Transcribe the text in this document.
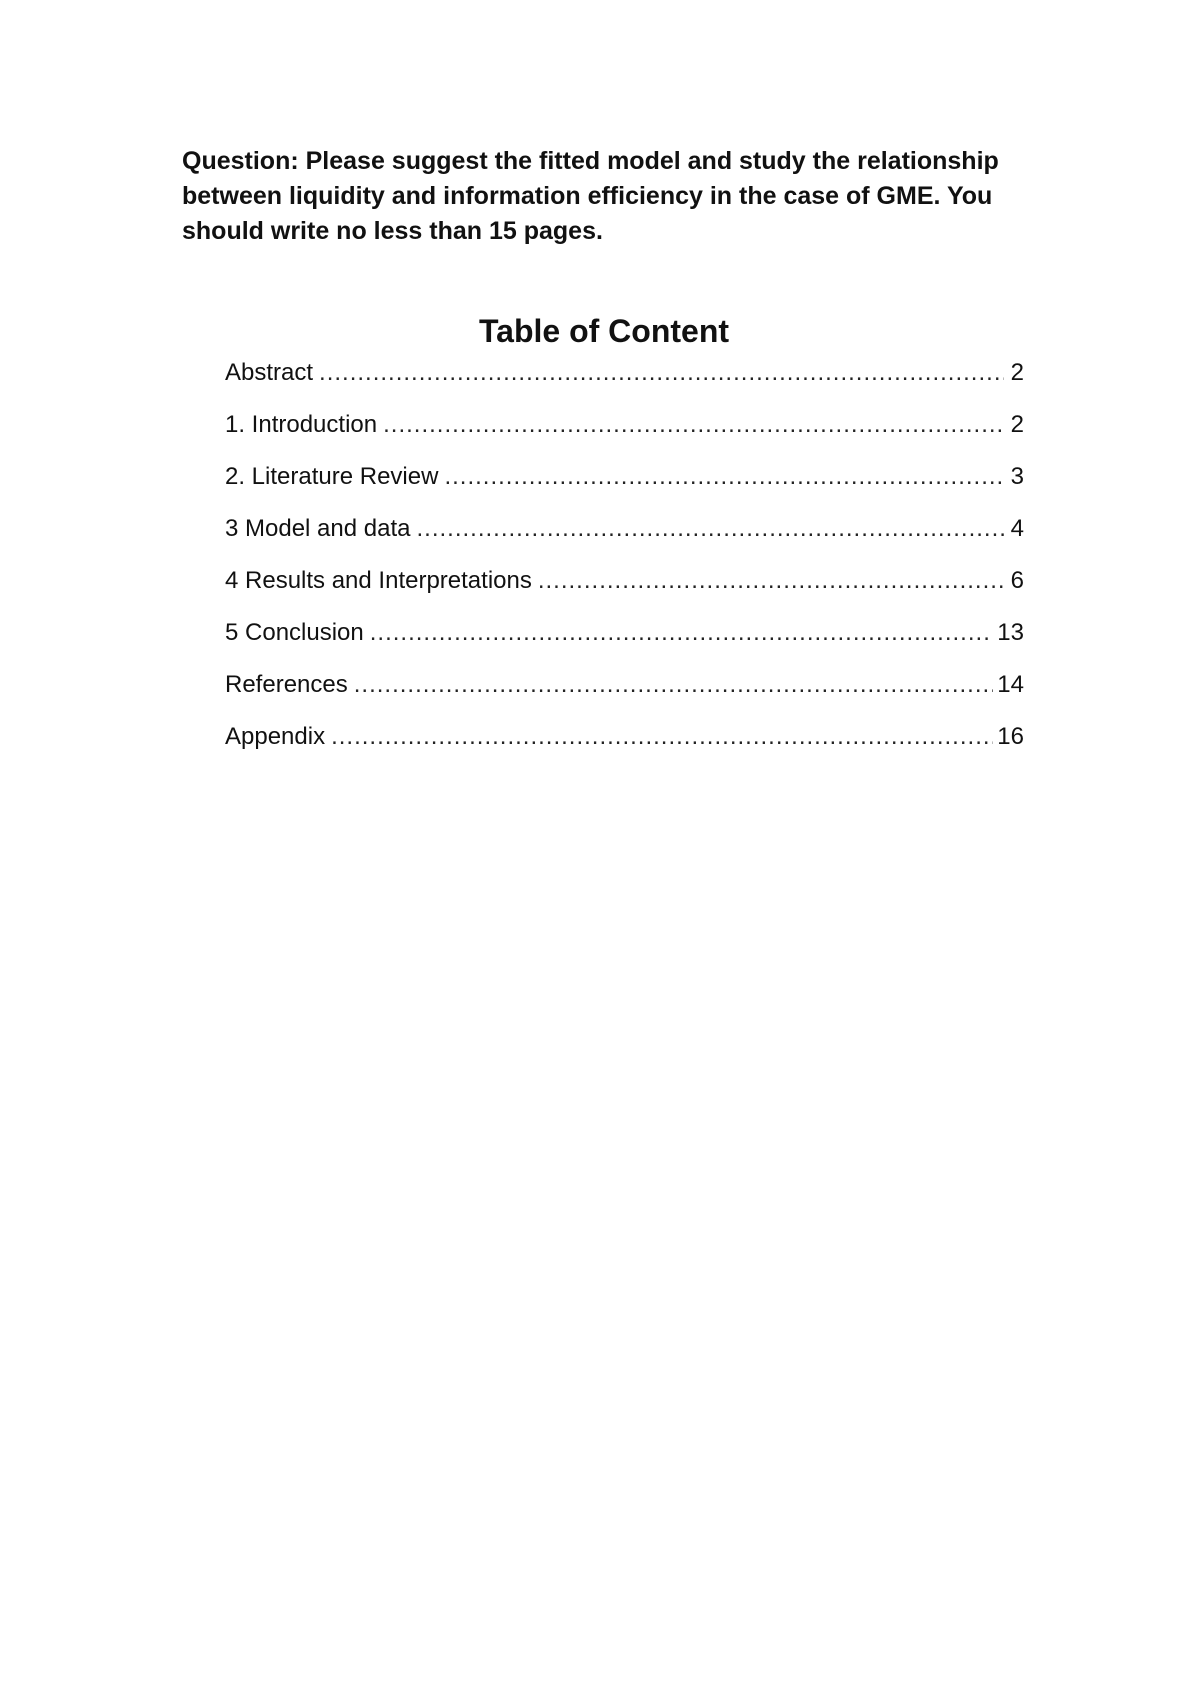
Question: Please suggest the fitted model and study the relationship between liquidity and information efficiency in the case of GME. You should write no less than 15 pages.

Table of Content
Abstract .....	2
1. Introduction .....	2
2. Literature Review .....	3
3 Model and data .....	4
4 Results and Interpretations .....	6
5 Conclusion .....	13
References .....	14
Appendix .....	16
